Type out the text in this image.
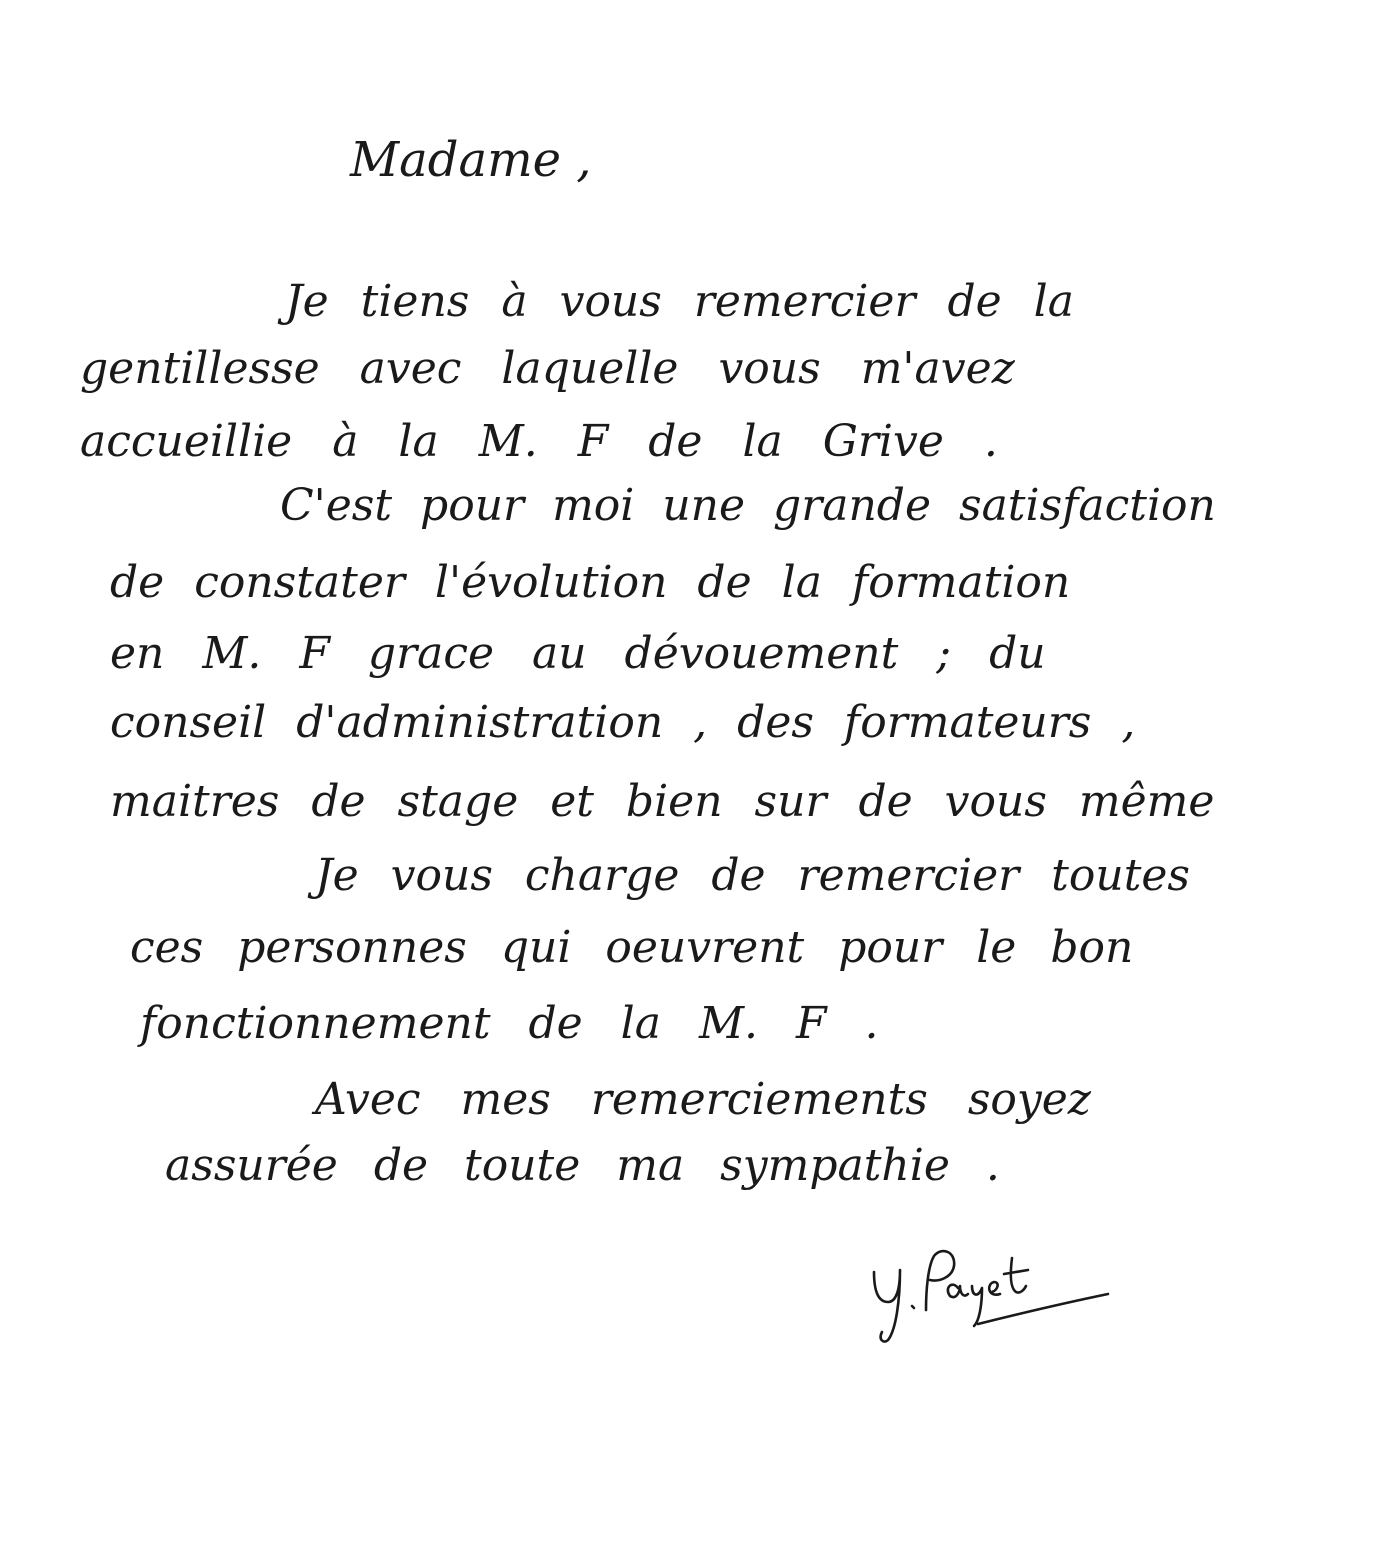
Madame ,
Je tiens à vous remercier de la
gentillesse avec laquelle vous m'avez
accueillie à la M. F de la Grive .
C'est pour moi une grande satisfaction
de constater l'évolution de la formation
en M. F grace au dévouement ; du
conseil d'administration , des formateurs ,
maitres de stage et bien sur de vous même
Je vous charge de remercier toutes
ces personnes qui oeuvrent pour le bon
fonctionnement de la M. F .
Avec mes remerciements soyez
assurée de toute ma sympathie .
